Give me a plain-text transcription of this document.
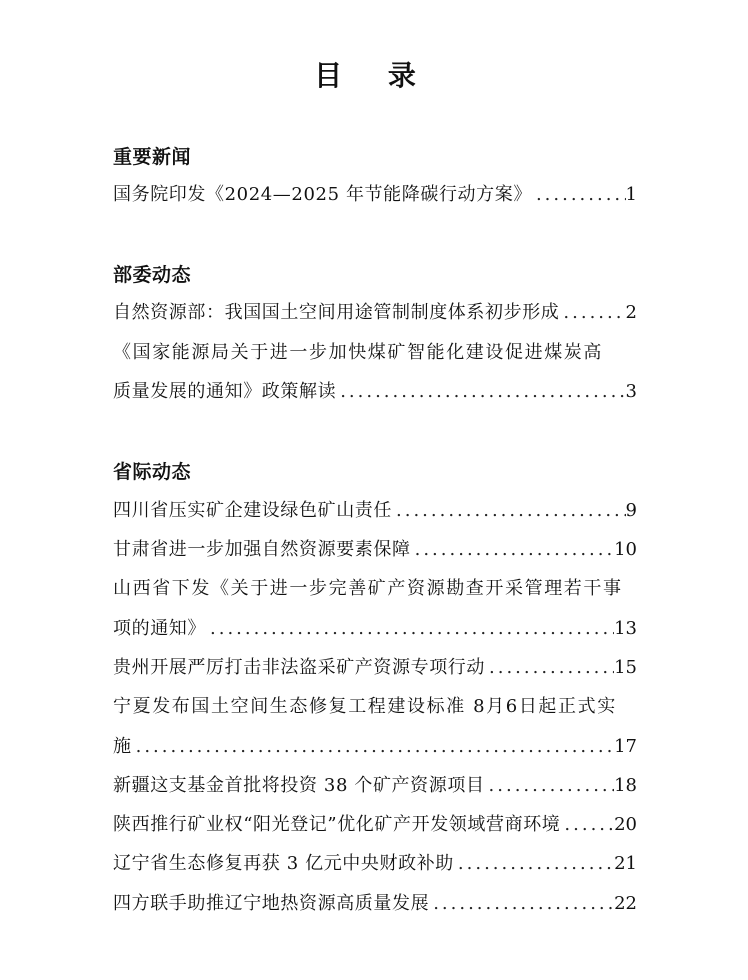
目 录
重要新闻
国务院印发《2024—2025 年节能降碳行动方案》 .....	1
部委动态
自然资源部：我国国土空间用途管制制度体系初步形成 .....	2
《国家能源局关于进一步加快煤矿智能化建设促进煤炭高
质量发展的通知》政策解读 .....	3
省际动态
四川省压实矿企建设绿色矿山责任 .....	9
甘肃省进一步加强自然资源要素保障 .....	10
山西省下发《关于进一步完善矿产资源勘查开采管理若干事
项的通知》 .....	13
贵州开展严厉打击非法盗采矿产资源专项行动 .....	15
宁夏发布国土空间生态修复工程建设标准 8月6日起正式实
施 .....	17
新疆这支基金首批将投资 38 个矿产资源项目 .....	18
陕西推行矿业权“阳光登记”优化矿产开发领域营商环境 .....	20
辽宁省生态修复再获 3 亿元中央财政补助 .....	21
四方联手助推辽宁地热资源高质量发展 .....	22
